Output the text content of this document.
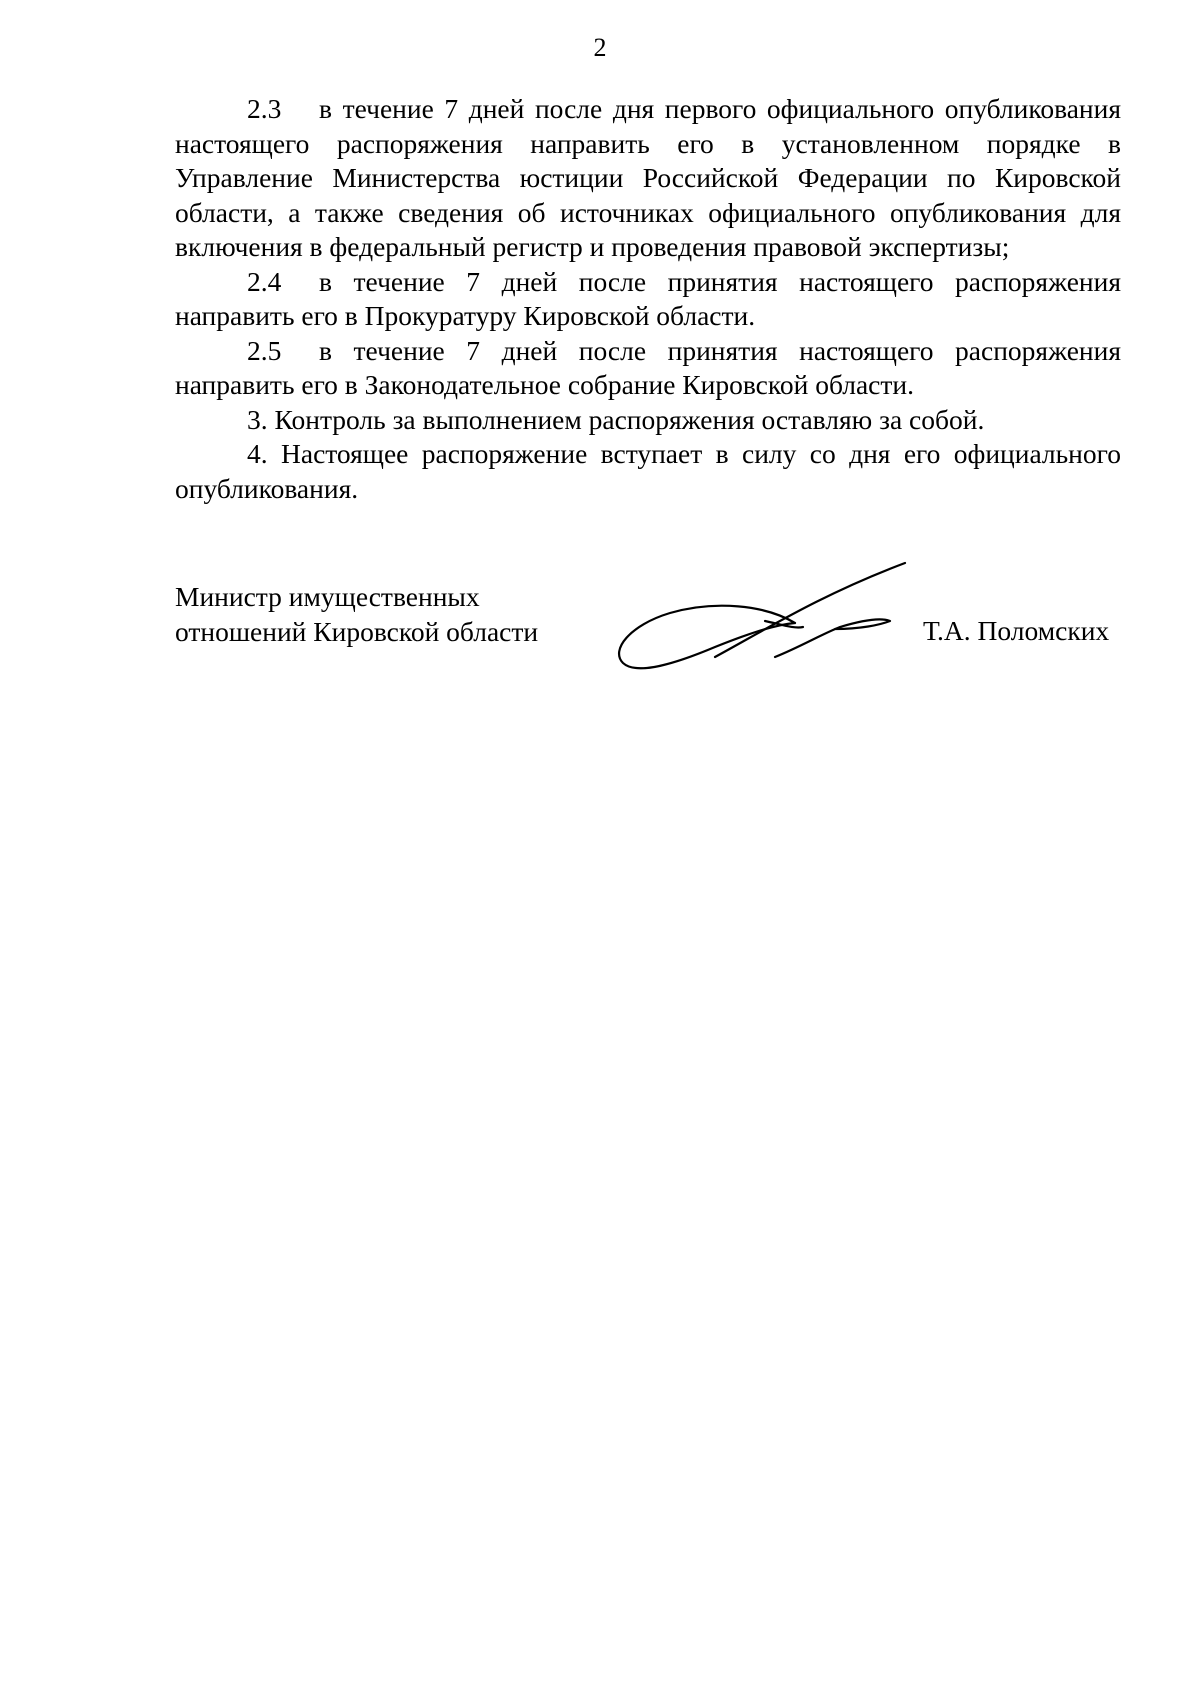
2

2.3 в течение 7 дней после дня первого официального опубликования настоящего распоряжения направить его в установленном порядке в Управление Министерства юстиции Российской Федерации по Кировской области, а также сведения об источниках официального опубликования для включения в федеральный регистр и проведения правовой экспертизы;

2.4 в течение 7 дней после принятия настоящего распоряжения направить его в Прокуратуру Кировской области.

2.5 в течение 7 дней после принятия настоящего распоряжения направить его в Законодательное собрание Кировской области.

3. Контроль за выполнением распоряжения оставляю за собой.

4. Настоящее распоряжение вступает в силу со дня его официального опубликования.

Министр имущественных
отношений Кировской области	Т.А. Поломских
